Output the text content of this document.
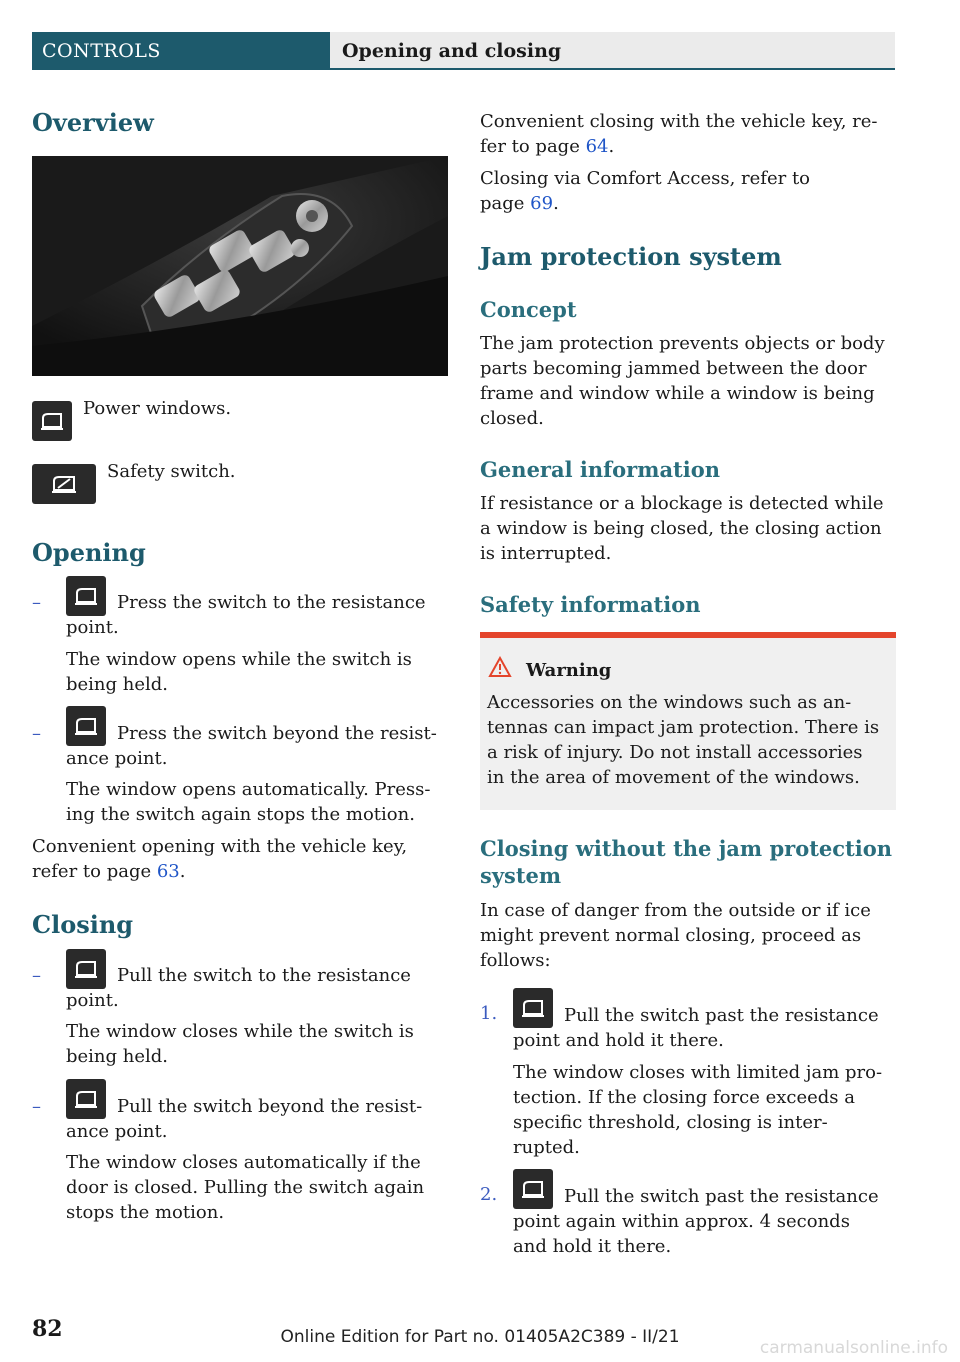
CONTROLS	Opening and closing
Overview
Power windows.
Safety switch.
Opening
–	Press the switch to the resistance
point.
The window opens while the switch is
being held.
–	Press the switch beyond the resist-
ance point.
The window opens automatically. Press-
ing the switch again stops the motion.
Convenient opening with the vehicle key,
refer to page 63.
Closing
–	Pull the switch to the resistance
point.
The window closes while the switch is
being held.
–	Pull the switch beyond the resist-
ance point.
The window closes automatically if the
door is closed. Pulling the switch again
stops the motion.
Convenient closing with the vehicle key, re-
fer to page 64.
Closing via Comfort Access, refer to
page 69.
Jam protection system
Concept
The jam protection prevents objects or body
parts becoming jammed between the door
frame and window while a window is being
closed.
General information
If resistance or a blockage is detected while
a window is being closed, the closing action
is interrupted.
Safety information
Warning
Accessories on the windows such as an-
tennas can impact jam protection. There is
a risk of injury. Do not install accessories
in the area of movement of the windows.
Closing without the jam protection
system
In case of danger from the outside or if ice
might prevent normal closing, proceed as
follows:
1.	Pull the switch past the resistance
point and hold it there.
The window closes with limited jam pro-
tection. If the closing force exceeds a
specific threshold, closing is inter-
rupted.
2.	Pull the switch past the resistance
point again within approx. 4 seconds
and hold it there.
82	Online Edition for Part no. 01405A2C389 - II/21
carmanualsonline.info
